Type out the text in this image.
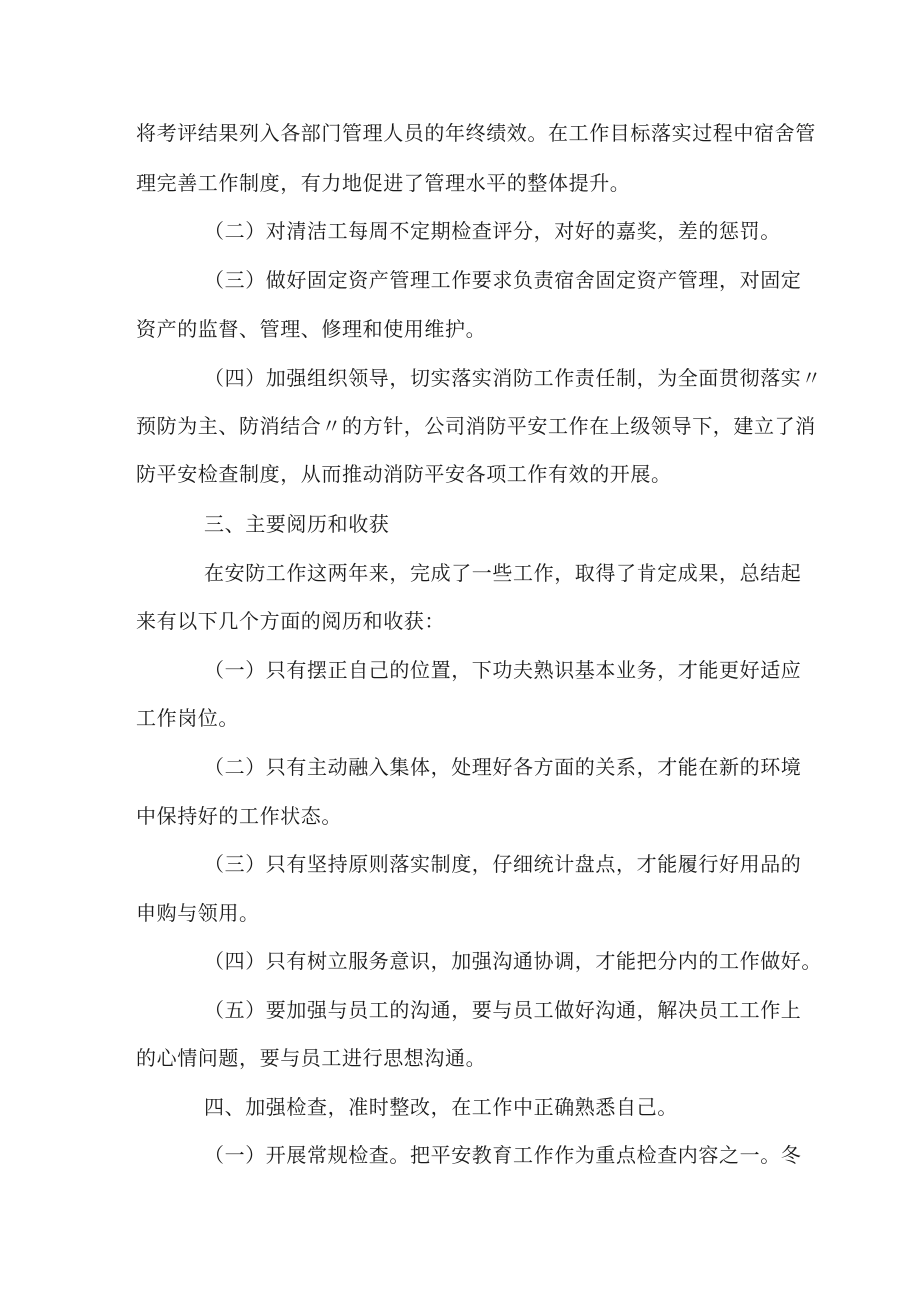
将考评结果列入各部门管理人员的年终绩效。在工作目标落实过程中宿舍管
理完善工作制度，有力地促进了管理水平的整体提升。
（二）对清洁工每周不定期检查评分，对好的嘉奖，差的惩罚。
（三）做好固定资产管理工作要求负责宿舍固定资产管理，对固定
资产的监督、管理、修理和使用维护。
（四）加强组织领导，切实落实消防工作责任制，为全面贯彻落实〃
预防为主、防消结合〃的方针，公司消防平安工作在上级领导下，建立了消
防平安检查制度，从而推动消防平安各项工作有效的开展。
三、主要阅历和收获
在安防工作这两年来，完成了一些工作，取得了肯定成果，总结起
来有以下几个方面的阅历和收获：
（一）只有摆正自己的位置，下功夫熟识基本业务，才能更好适应
工作岗位。
（二）只有主动融入集体，处理好各方面的关系，才能在新的环境
中保持好的工作状态。
（三）只有坚持原则落实制度，仔细统计盘点，才能履行好用品的
申购与领用。
（四）只有树立服务意识，加强沟通协调，才能把分内的工作做好。
（五）要加强与员工的沟通，要与员工做好沟通，解决员工工作上
的心情问题，要与员工进行思想沟通。
四、加强检查，准时整改，在工作中正确熟悉自己。
（一）开展常规检查。把平安教育工作作为重点检查内容之一。冬
